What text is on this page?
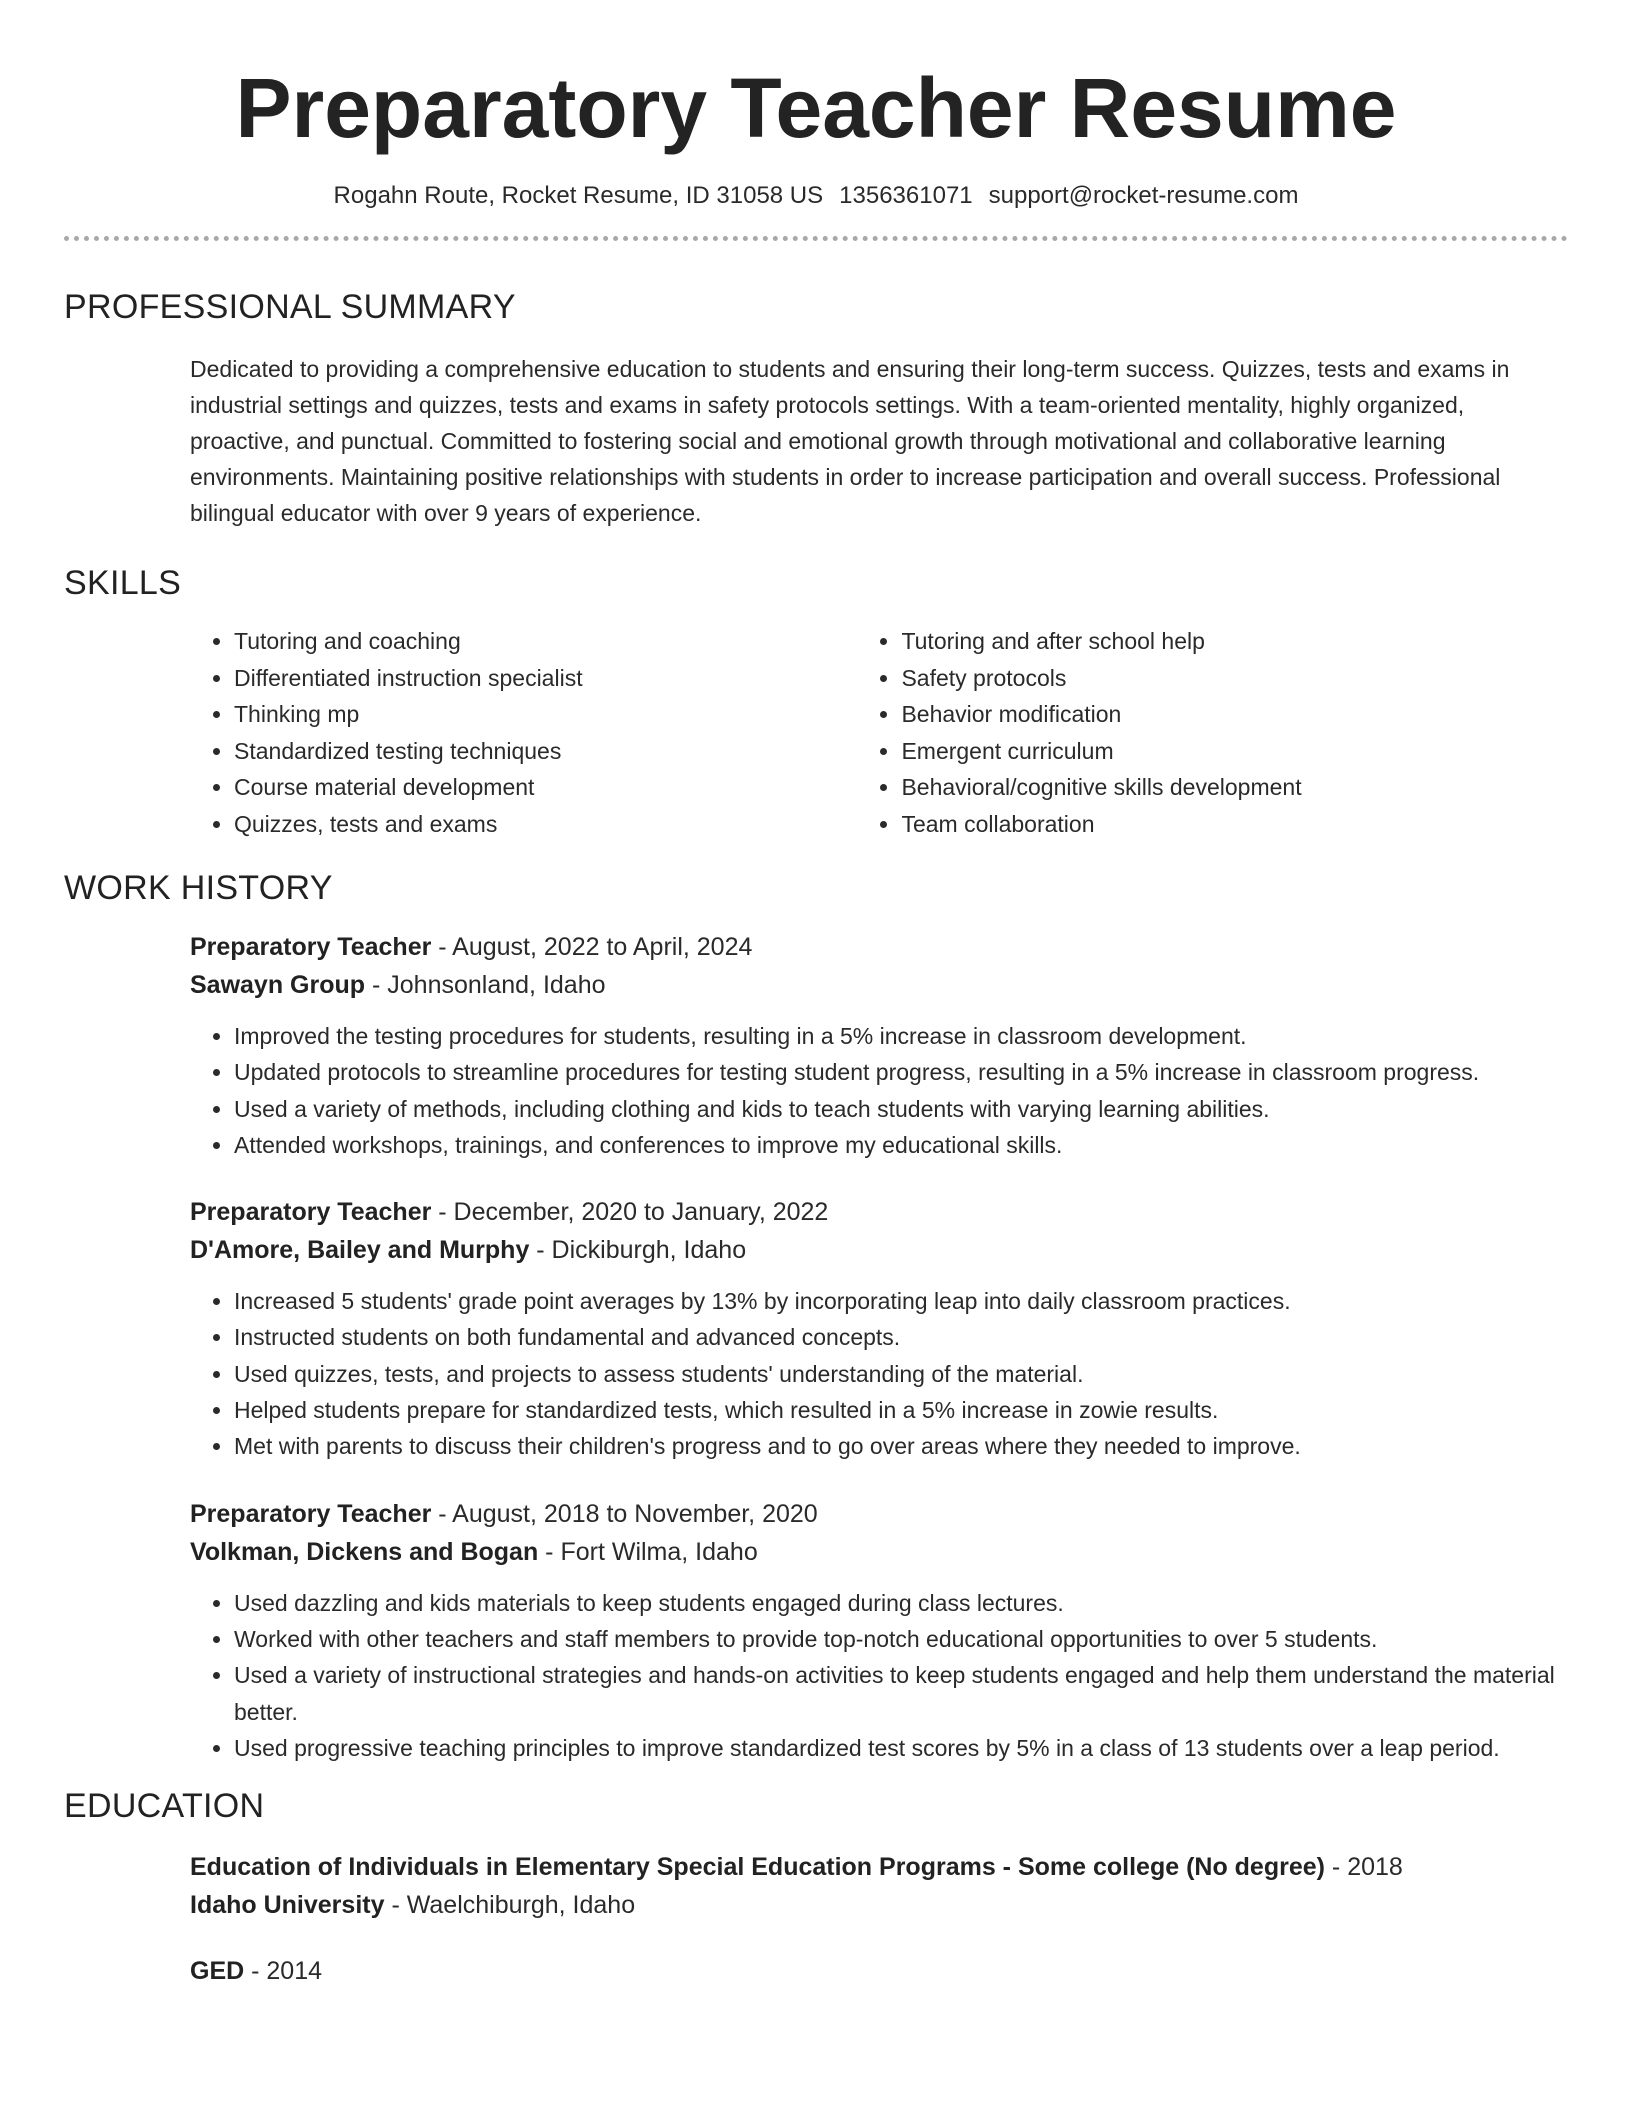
Preparatory Teacher Resume
Rogahn Route, Rocket Resume, ID 31058 US 1356361071 support@rocket-resume.com
PROFESSIONAL SUMMARY
Dedicated to providing a comprehensive education to students and ensuring their long-term success. Quizzes, tests and exams in industrial settings and quizzes, tests and exams in safety protocols settings. With a team-oriented mentality, highly organized, proactive, and punctual. Committed to fostering social and emotional growth through motivational and collaborative learning environments. Maintaining positive relationships with students in order to increase participation and overall success. Professional bilingual educator with over 9 years of experience.
SKILLS
• Tutoring and coaching
• Differentiated instruction specialist
• Thinking mp
• Standardized testing techniques
• Course material development
• Quizzes, tests and exams
• Tutoring and after school help
• Safety protocols
• Behavior modification
• Emergent curriculum
• Behavioral/cognitive skills development
• Team collaboration
WORK HISTORY
Preparatory Teacher - August, 2022 to April, 2024
Sawayn Group - Johnsonland, Idaho
• Improved the testing procedures for students, resulting in a 5% increase in classroom development.
• Updated protocols to streamline procedures for testing student progress, resulting in a 5% increase in classroom progress.
• Used a variety of methods, including clothing and kids to teach students with varying learning abilities.
• Attended workshops, trainings, and conferences to improve my educational skills.
Preparatory Teacher - December, 2020 to January, 2022
D'Amore, Bailey and Murphy - Dickiburgh, Idaho
• Increased 5 students' grade point averages by 13% by incorporating leap into daily classroom practices.
• Instructed students on both fundamental and advanced concepts.
• Used quizzes, tests, and projects to assess students' understanding of the material.
• Helped students prepare for standardized tests, which resulted in a 5% increase in zowie results.
• Met with parents to discuss their children's progress and to go over areas where they needed to improve.
Preparatory Teacher - August, 2018 to November, 2020
Volkman, Dickens and Bogan - Fort Wilma, Idaho
• Used dazzling and kids materials to keep students engaged during class lectures.
• Worked with other teachers and staff members to provide top-notch educational opportunities to over 5 students.
• Used a variety of instructional strategies and hands-on activities to keep students engaged and help them understand the material better.
• Used progressive teaching principles to improve standardized test scores by 5% in a class of 13 students over a leap period.
EDUCATION
Education of Individuals in Elementary Special Education Programs - Some college (No degree) - 2018
Idaho University - Waelchiburgh, Idaho
GED - 2014
